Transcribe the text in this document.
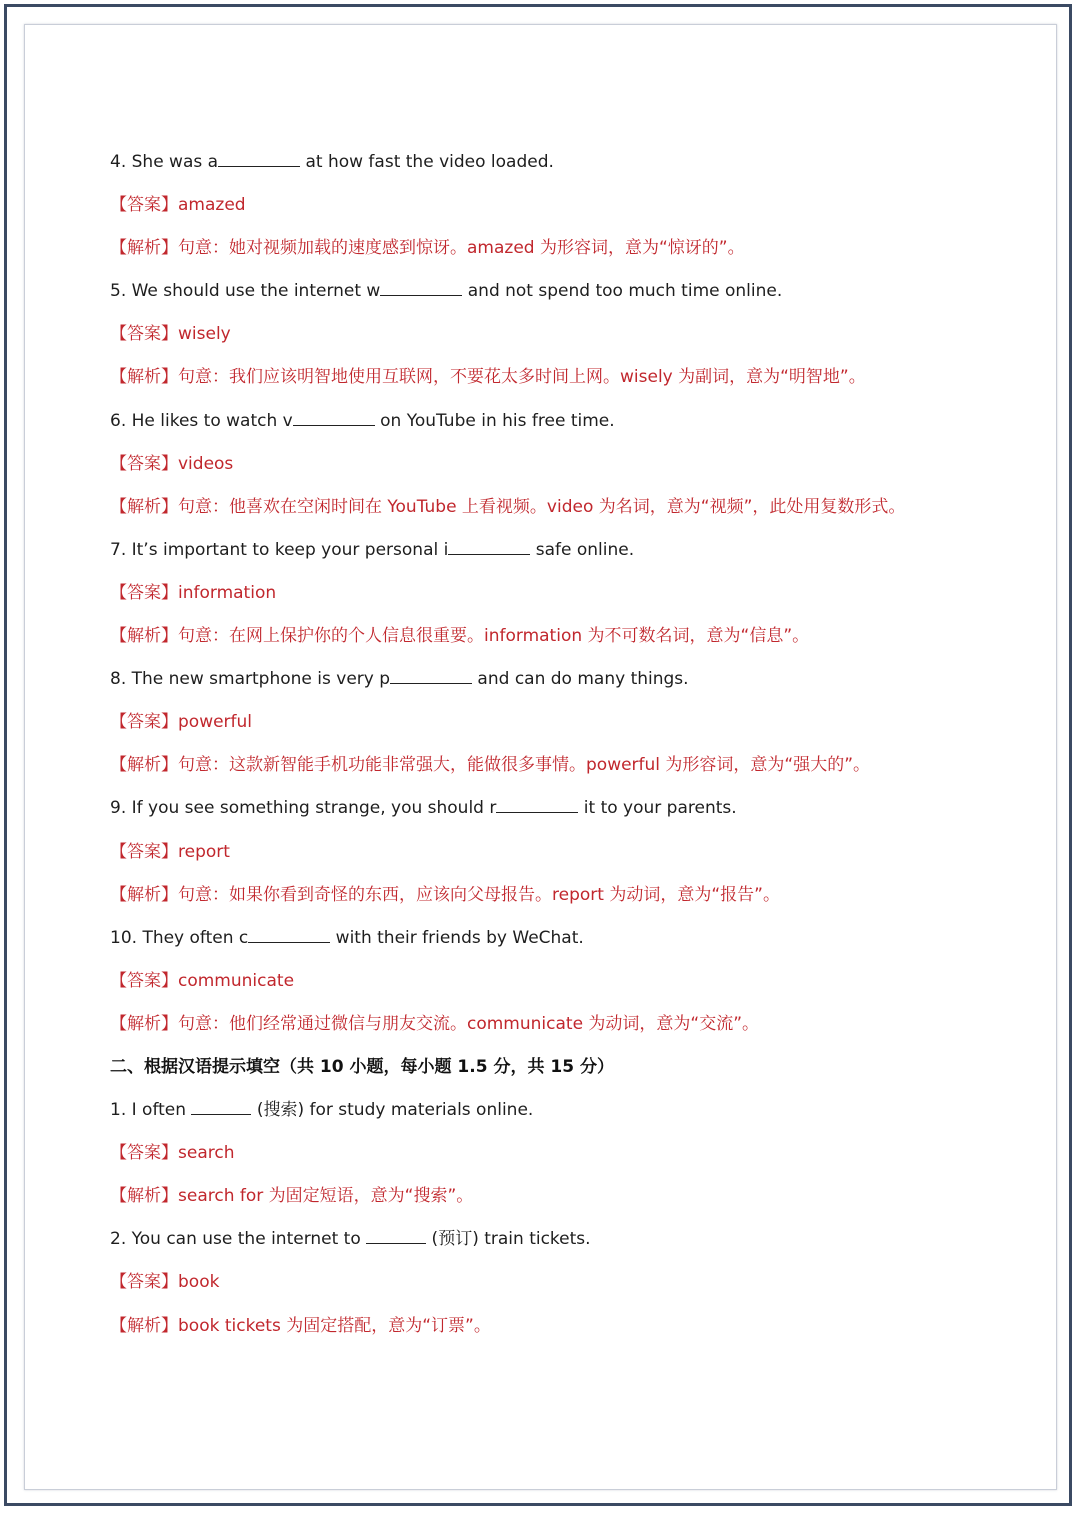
4. She was a	at how fast the video loaded.
【答案】amazed
【解析】句意：她对视频加载的速度感到惊讶。amazed 为形容词，意为“惊讶的”。
5. We should use the internet w	and not spend too much time online.
【答案】wisely
【解析】句意：我们应该明智地使用互联网，不要花太多时间上网。wisely 为副词，意为“明智地”。
6. He likes to watch v	on YouTube in his free time.
【答案】videos
【解析】句意：他喜欢在空闲时间在 YouTube 上看视频。video 为名词，意为“视频”，此处用复数形式。
7. It’s important to keep your personal i	safe online.
【答案】information
【解析】句意：在网上保护你的个人信息很重要。information 为不可数名词，意为“信息”。
8. The new smartphone is very p	and can do many things.
【答案】powerful
【解析】句意：这款新智能手机功能非常强大，能做很多事情。powerful 为形容词，意为“强大的”。
9. If you see something strange, you should r	it to your parents.
【答案】report
【解析】句意：如果你看到奇怪的东西，应该向父母报告。report 为动词，意为“报告”。
10. They often c	with their friends by WeChat.
【答案】communicate
【解析】句意：他们经常通过微信与朋友交流。communicate 为动词，意为“交流”。
二、根据汉语提示填空（共 10 小题，每小题 1.5 分，共 15 分）
1. I often	(搜索) for study materials online.
【答案】search
【解析】search for 为固定短语，意为“搜索”。
2. You can use the internet to	(预订) train tickets.
【答案】book
【解析】book tickets 为固定搭配，意为“订票”。
